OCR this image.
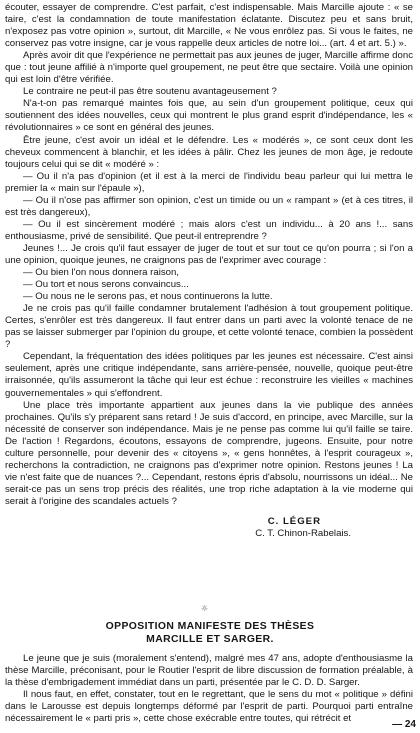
écouter, essayer de comprendre. C'est parfait, c'est indispensable. Mais Marcille ajoute : « se taire, c'est la condamnation de toute manifestation éclatante. Discutez peu et sans bruit, n'exposez pas votre opinion », surtout, dit Marcille, « Ne vous enrôlez pas. Si vous le faites, ne conservez pas votre insigne, car je vous rappelle deux articles de notre loi... (art. 4 et art. 5.) ».

Après avoir dit que l'expérience ne permettait pas aux jeunes de juger, Marcille affirme donc que : tout jeune affilié à n'importe quel groupement, ne peut être que sectaire. Voilà une opinion qui est loin d'être vérifiée.

Le contraire ne peut-il pas être soutenu avantageusement ?

N'a-t-on pas remarqué maintes fois que, au sein d'un groupement politique, ceux qui soutiennent des idées nouvelles, ceux qui montrent le plus grand esprit d'indépendance, les « révolutionnaires » ce sont en général des jeunes.

Être jeune, c'est avoir un idéal et le défendre. Les « modérés », ce sont ceux dont les cheveux commencent à blanchir, et les idées à pâlir. Chez les jeunes de mon âge, je redoute toujours celui qui se dit « modéré » :

— Ou il n'a pas d'opinion (et il est à la merci de l'individu beau parleur qui lui mettra le premier la « main sur l'épaule »),

— Ou il n'ose pas affirmer son opinion, c'est un timide ou un « rampant » (et à ces titres, il est très dangereux),

— Ou il est sincèrement modéré ; mais alors c'est un individu... à 20 ans !... sans enthousiasme, privé de sensibilité. Que peut-il entreprendre ?

Jeunes !... Je crois qu'il faut essayer de juger de tout et sur tout ce qu'on pourra ; si l'on a une opinion, quoique jeunes, ne craignons pas de l'exprimer avec courage :

— Ou bien l'on nous donnera raison,

— Ou tort et nous serons convaincus...

— Ou nous ne le serons pas, et nous continuerons la lutte.

Je ne crois pas qu'il faille condamner brutalement l'adhésion à tout groupement politique. Certes, s'enrôler est très dangereux. Il faut entrer dans un parti avec la volonté tenace de ne pas se laisser submerger par l'opinion du groupe, et cette volonté tenace, combien la possèdent ?

Cependant, la fréquentation des idées politiques par les jeunes est nécessaire. C'est ainsi seulement, après une critique indépendante, sans arrière-pensée, nouvelle, quoique peut-être irraisonnée, qu'ils assumeront la tâche qui leur est échue : reconstruire les vieilles « machines gouvernementales » qui s'effondrent.

Une place très importante appartient aux jeunes dans la vie publique des années prochaines. Qu'ils s'y préparent sans retard ! Je suis d'accord, en principe, avec Marcille, sur la nécessité de conserver son indépendance. Mais je ne pense pas comme lui qu'il faille se taire. De l'action ! Regardons, écoutons, essayons de comprendre, jugeons. Ensuite, pour notre culture personnelle, pour devenir des « citoyens », « gens honnêtes, à l'esprit courageux », recherchons la contradiction, ne craignons pas d'exprimer notre opinion. Restons jeunes ! La vie n'est faite que de nuances ?... Cependant, restons épris d'absolu, nourrissons un idéal... Ne serait-ce pas un sens trop précis des réalités, une trop riche adaptation à la vie moderne qui serait à l'origine des scandales actuels ?

C. LÉGER

C. T. Chinon-Rabelais.

☼
OPPOSITION MANIFESTE DES THÈSES
MARCILLE ET SARGER.

Le jeune que je suis (moralement s'entend), malgré mes 47 ans, adopte d'enthousiasme la thèse Marcille, préconisant, pour le Routier l'esprit de libre discussion de formation préalable, à la thèse d'embrigadement immédiat dans un parti, présentée par le C. D. D. Sarger.

Il nous faut, en effet, constater, tout en le regrettant, que le sens du mot « politique » défini dans le Larousse est depuis longtemps déformé par l'esprit de parti. Pourquoi parti entraîne nécessairement le « parti pris », cette chose exécrable entre toutes, qui rétrécit et

— 24
